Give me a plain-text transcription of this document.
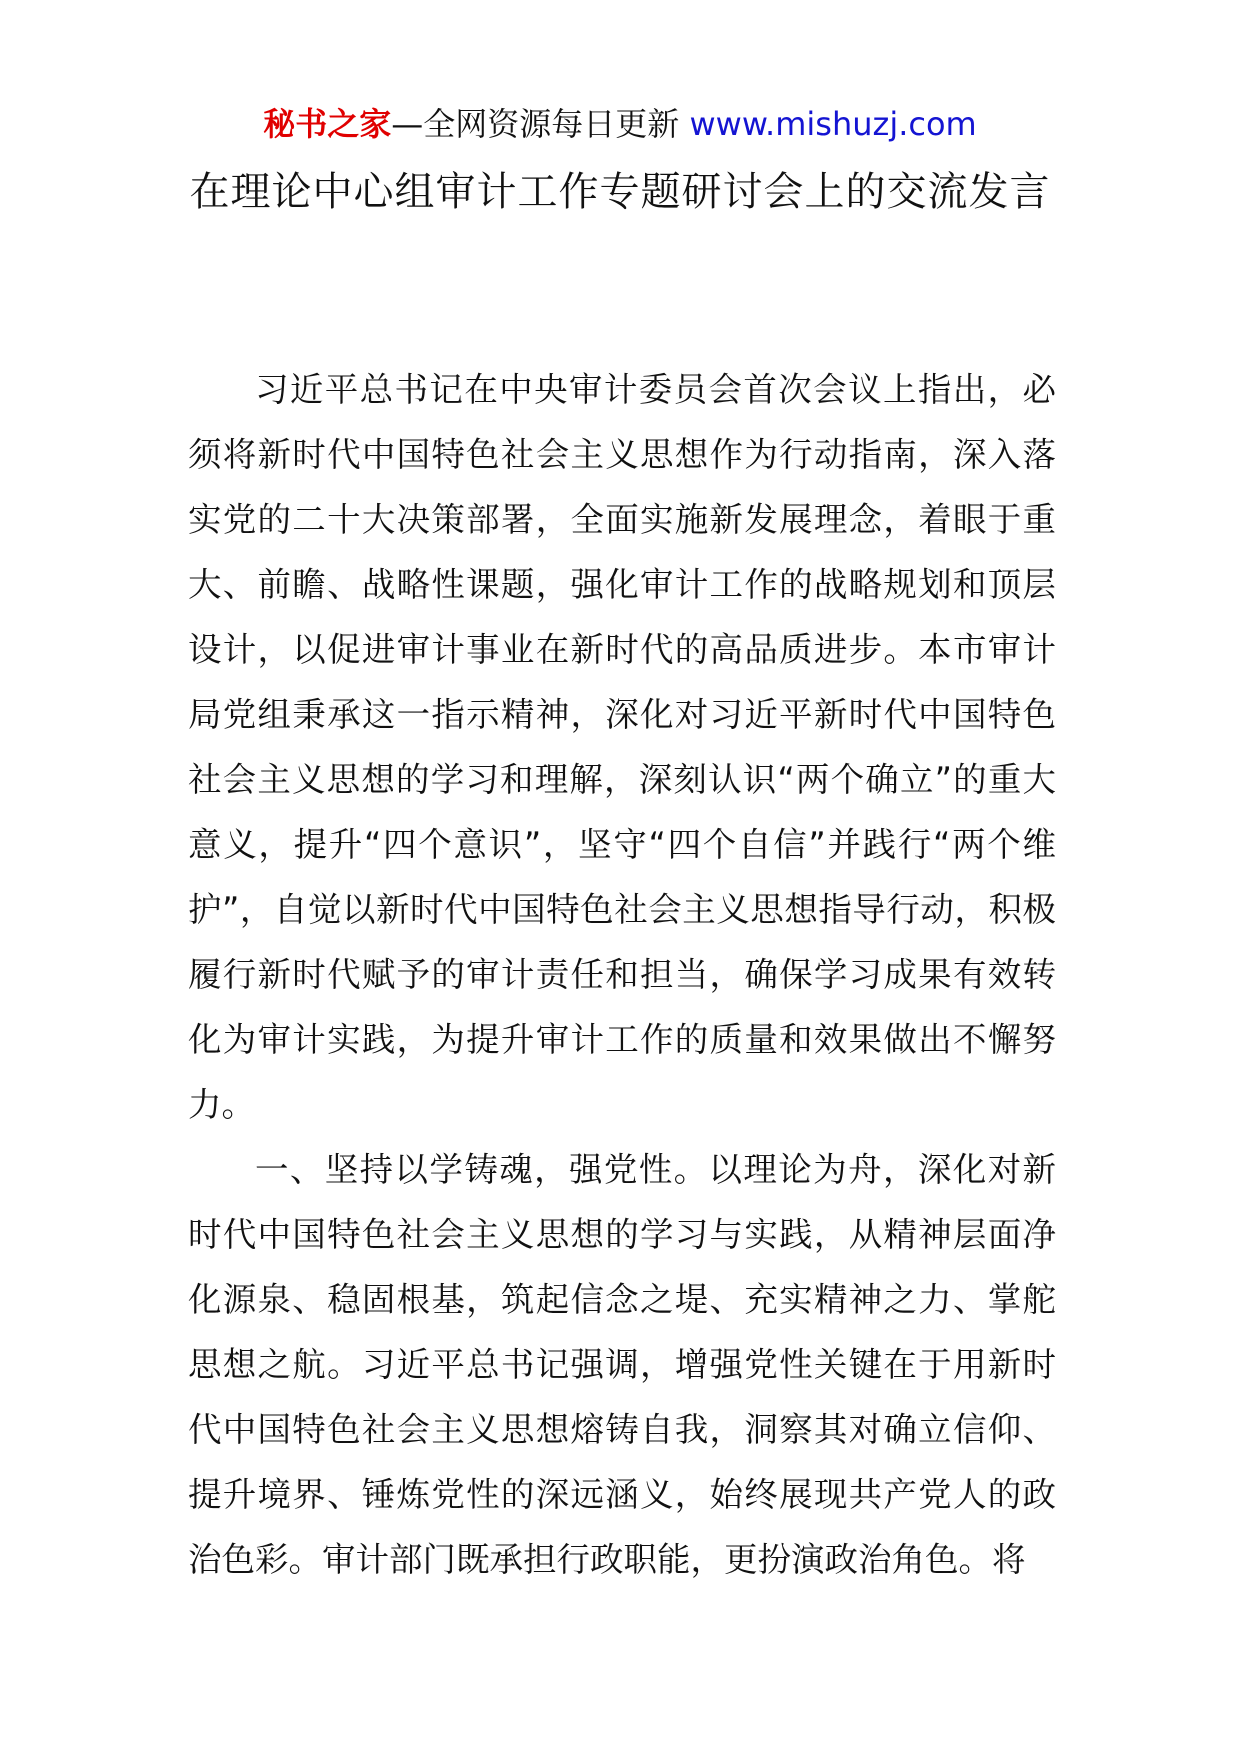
秘书之家—全网资源每日更新 www.mishuzj.com
在理论中心组审计工作专题研讨会上的交流发言

习近平总书记在中央审计委员会首次会议上指出，必须将新时代中国特色社会主义思想作为行动指南，深入落实党的二十大决策部署，全面实施新发展理念，着眼于重大、前瞻、战略性课题，强化审计工作的战略规划和顶层设计，以促进审计事业在新时代的高品质进步。本市审计局党组秉承这一指示精神，深化对习近平新时代中国特色社会主义思想的学习和理解，深刻认识“两个确立”的重大意义，提升“四个意识”，坚守“四个自信”并践行“两个维护”，自觉以新时代中国特色社会主义思想指导行动，积极履行新时代赋予的审计责任和担当，确保学习成果有效转化为审计实践，为提升审计工作的质量和效果做出不懈努力。

一、坚持以学铸魂，强党性。以理论为舟，深化对新时代中国特色社会主义思想的学习与实践，从精神层面净化源泉、稳固根基，筑起信念之堤、充实精神之力、掌舵思想之航。习近平总书记强调，增强党性关键在于用新时代中国特色社会主义思想熔铸自我，洞察其对确立信仰、提升境界、锤炼党性的深远涵义，始终展现共产党人的政治色彩。审计部门既承担行政职能，更扮演政治角色。将
